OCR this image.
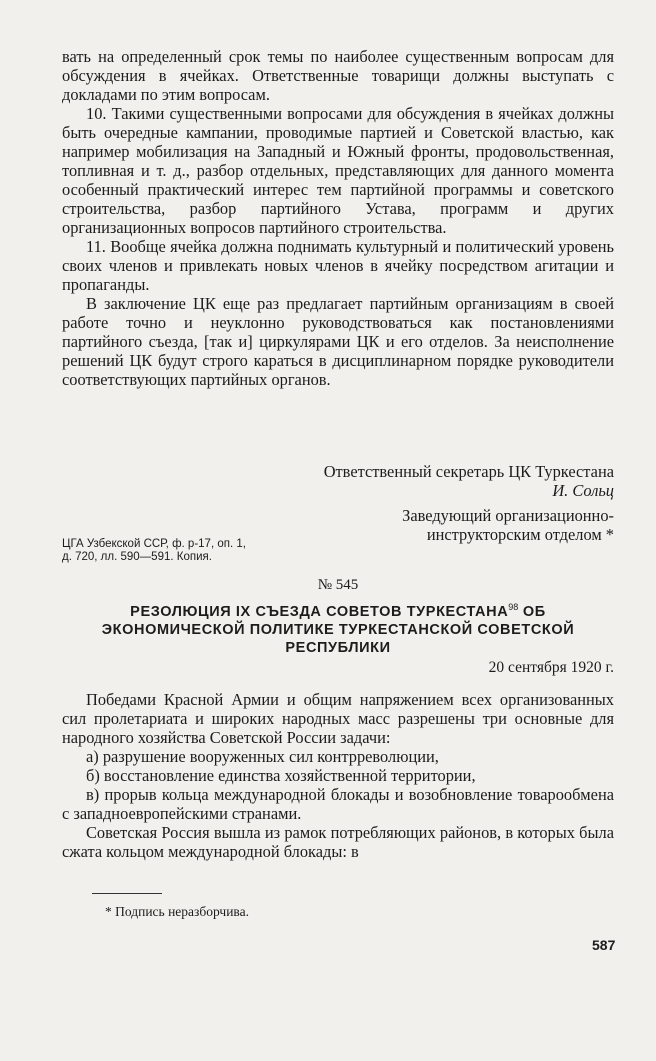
вать на определенный срок темы по наиболее существенным вопросам для обсуждения в ячейках. Ответственные товарищи должны выступать с докладами по этим вопросам.

10. Такими существенными вопросами для обсуждения в ячейках должны быть очередные кампании, проводимые партией и Советской властью, как например мобилизация на Западный и Южный фронты, продовольственная, топливная и т. д., разбор отдельных, представляющих для данного момента особенный практический интерес тем партийной программы и советского строительства, разбор партийного Устава, программ и других организационных вопросов партийного строительства.

11. Вообще ячейка должна поднимать культурный и политический уровень своих членов и привлекать новых членов в ячейку посредством агитации и пропаганды.

В заключение ЦК еще раз предлагает партийным организациям в своей работе точно и неуклонно руководствоваться как постановлениями партийного съезда, [так и] циркулярами ЦК и его отделов. За неисполнение решений ЦК будут строго караться в дисциплинарном порядке руководители соответствующих партийных органов.

Ответственный секретарь ЦК Туркестана

И. Сольц

Заведующий организационно-

инструкторским отделом *

ЦГА Узбекской ССР, ф. р-17, оп. 1,

д. 720, лл. 590—591. Копия.

№ 545

РЕЗОЛЮЦИЯ IX СЪЕЗДА СОВЕТОВ ТУРКЕСТАНА$^{98}$ ОБ

ЭКОНОМИЧЕСКОЙ ПОЛИТИКЕ ТУРКЕСТАНСКОЙ СОВЕТСКОЙ

РЕСПУБЛИКИ

20 сентября 1920 г.

Победами Красной Армии и общим напряжением всех организованных сил пролетариата и широких народных масс разрешены три основные для народного хозяйства Советской России задачи:

а) разрушение вооруженных сил контрреволюции,

б) восстановление единства хозяйственной территории,

в) прорыв кольца международной блокады и возобновление товарообмена с западноевропейскими странами.

Советская Россия вышла из рамок потребляющих районов, в которых была сжата кольцом международной блокады: в

* Подпись неразборчива.

587
